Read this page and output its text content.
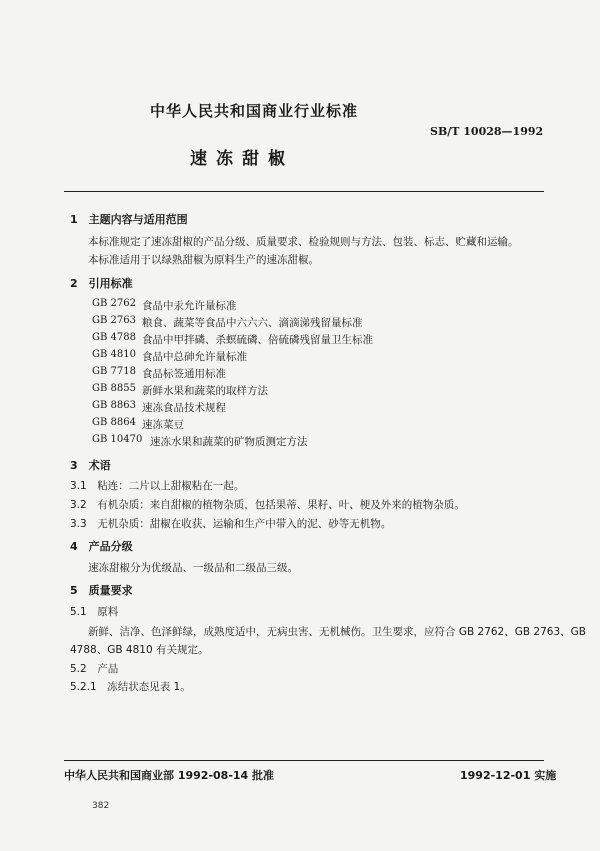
中华人民共和国商业行业标准
SB/T 10028—1992
速冻甜椒
1　主题内容与适用范围
本标准规定了速冻甜椒的产品分级、质量要求、检验规则与方法、包装、标志、贮藏和运输。
本标准适用于以绿熟甜椒为原料生产的速冻甜椒。
2　引用标准
GB 2762 食品中汞允许量标准
GB 2763 粮食、蔬菜等食品中六六六、滴滴涕残留量标准
GB 4788 食品中甲拌磷、杀螟硫磷、倍硫磷残留量卫生标准
GB 4810 食品中总砷允许量标准
GB 7718 食品标签通用标准
GB 8855 新鲜水果和蔬菜的取样方法
GB 8863 速冻食品技术规程
GB 8864 速冻菜豆
GB 10470 速冻水果和蔬菜的矿物质测定方法
3　术语
3.1　粘连：二片以上甜椒粘在一起。
3.2　有机杂质：来自甜椒的植物杂质，包括果蒂、果籽、叶、梗及外来的植物杂质。
3.3　无机杂质：甜椒在收获、运输和生产中带入的泥、砂等无机物。
4　产品分级
速冻甜椒分为优级品、一级品和二级品三级。
5　质量要求
5.1　原料
新鲜、洁净、色泽鲜绿，成熟度适中，无病虫害、无机械伤。卫生要求，应符合 GB 2762、GB 2763、GB
4788、GB 4810 有关规定。
5.2　产品
5.2.1　冻结状态见表 1。
中华人民共和国商业部 1992-08-14 批准	1992-12-01 实施
382
